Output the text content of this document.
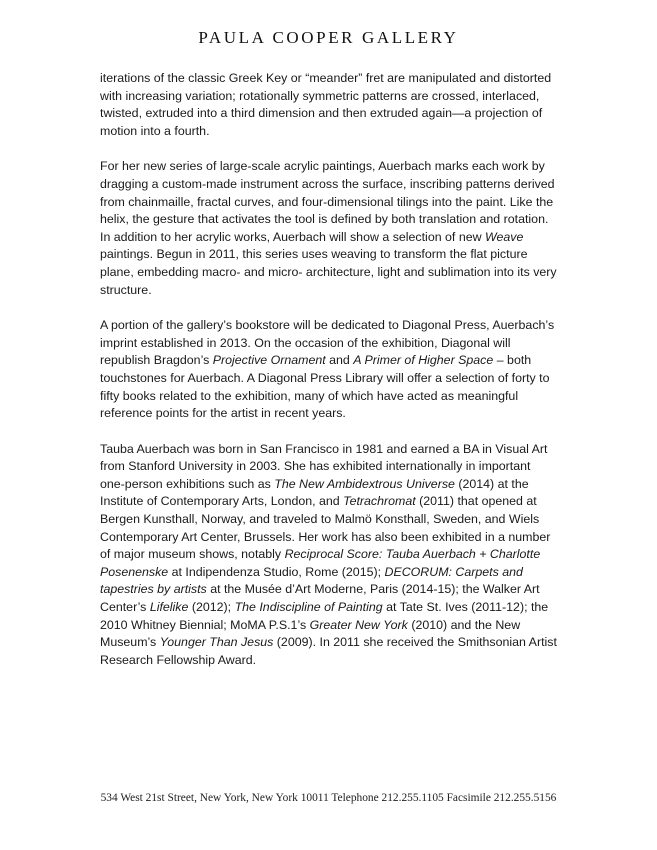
PAULA COOPER GALLERY

iterations of the classic Greek Key or “meander” fret are manipulated and distorted with increasing variation; rotationally symmetric patterns are crossed, interlaced, twisted, extruded into a third dimension and then extruded again—a projection of motion into a fourth.

For her new series of large-scale acrylic paintings, Auerbach marks each work by dragging a custom-made instrument across the surface, inscribing patterns derived from chainmaille, fractal curves, and four-dimensional tilings into the paint. Like the helix, the gesture that activates the tool is defined by both translation and rotation. In addition to her acrylic works, Auerbach will show a selection of new Weave paintings. Begun in 2011, this series uses weaving to transform the flat picture plane, embedding macro- and micro- architecture, light and sublimation into its very structure.

A portion of the gallery’s bookstore will be dedicated to Diagonal Press, Auerbach’s imprint established in 2013. On the occasion of the exhibition, Diagonal will republish Bragdon’s Projective Ornament and A Primer of Higher Space – both touchstones for Auerbach. A Diagonal Press Library will offer a selection of forty to fifty books related to the exhibition, many of which have acted as meaningful reference points for the artist in recent years.

Tauba Auerbach was born in San Francisco in 1981 and earned a BA in Visual Art from Stanford University in 2003. She has exhibited internationally in important one-person exhibitions such as The New Ambidextrous Universe (2014) at the Institute of Contemporary Arts, London, and Tetrachromat (2011) that opened at Bergen Kunsthall, Norway, and traveled to Malmö Konsthall, Sweden, and Wiels Contemporary Art Center, Brussels. Her work has also been exhibited in a number of major museum shows, notably Reciprocal Score: Tauba Auerbach + Charlotte Posenenske at Indipendenza Studio, Rome (2015); DECORUM: Carpets and tapestries by artists at the Musée d’Art Moderne, Paris (2014-15); the Walker Art Center’s Lifelike (2012); The Indiscipline of Painting at Tate St. Ives (2011-12); the 2010 Whitney Biennial; MoMA P.S.1’s Greater New York (2010) and the New Museum’s Younger Than Jesus (2009). In 2011 she received the Smithsonian Artist Research Fellowship Award.

534 West 21st Street, New York, New York 10011 Telephone 212.255.1105 Facsimile 212.255.5156
